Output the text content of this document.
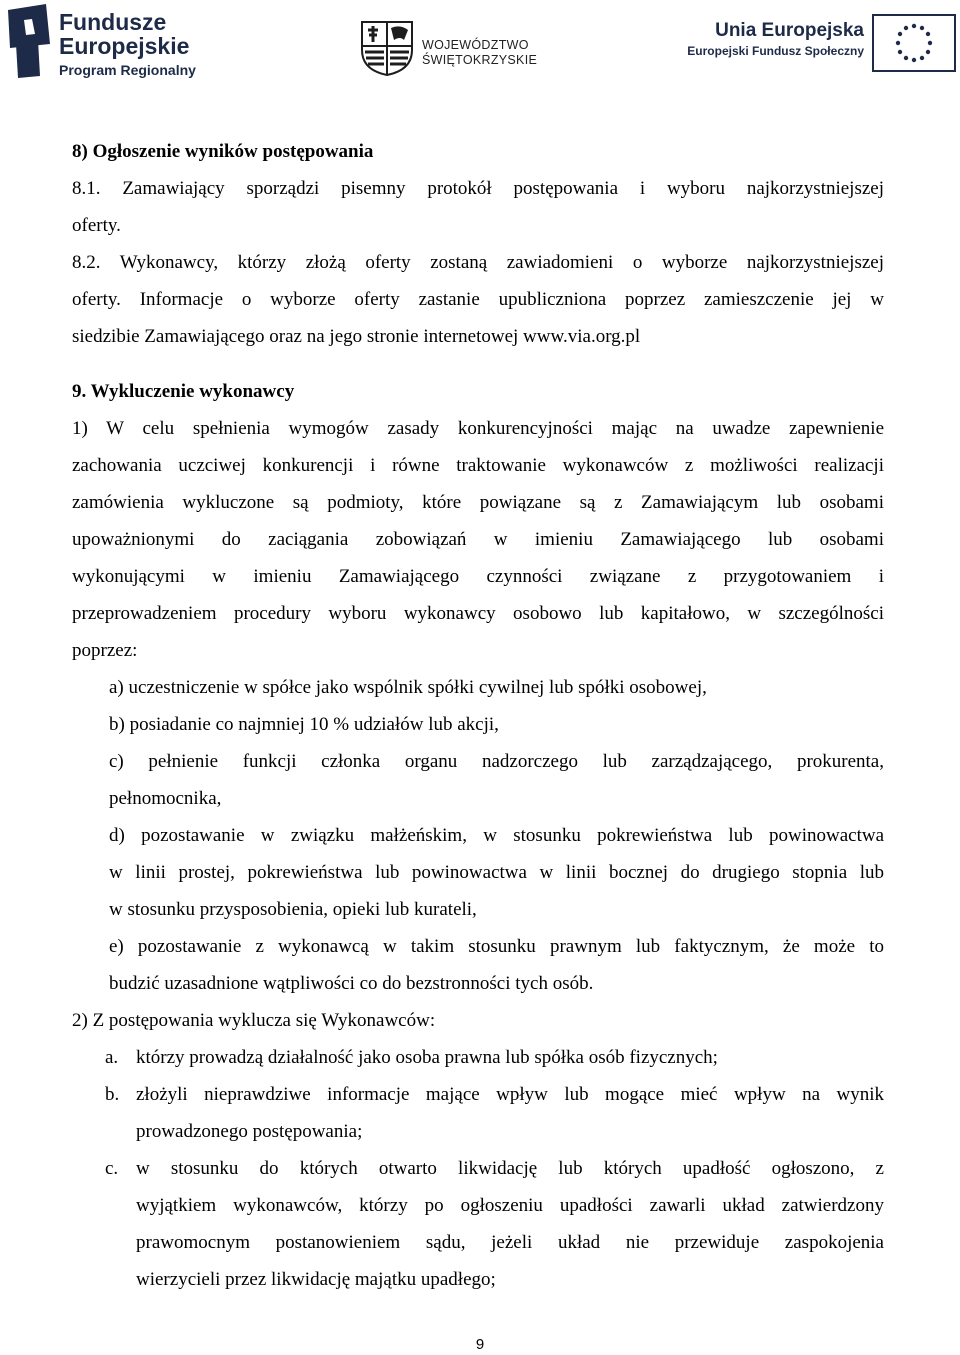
Fundusze
Europejskie
Program Regionalny
WOJEWÓDZTWO
ŚWIĘTOKRZYSKIE
Unia Europejska
Europejski Fundusz Społeczny
8) Ogłoszenie wyników postępowania
8.1. Zamawiający sporządzi pisemny protokół postępowania i wyboru najkorzystniejszej
oferty.
8.2. Wykonawcy, którzy złożą oferty zostaną zawiadomieni o wyborze najkorzystniejszej
oferty. Informacje o wyborze oferty zastanie upubliczniona poprzez zamieszczenie jej w
siedzibie Zamawiającego oraz na jego stronie internetowej www.via.org.pl
9. Wykluczenie wykonawcy
1) W celu spełnienia wymogów zasady konkurencyjności mając na uwadze zapewnienie
zachowania uczciwej konkurencji i równe traktowanie wykonawców z możliwości realizacji
zamówienia wykluczone są podmioty, które powiązane są z Zamawiającym lub osobami
upoważnionymi do zaciągania zobowiązań w imieniu Zamawiającego lub osobami
wykonującymi w imieniu Zamawiającego czynności związane z przygotowaniem i
przeprowadzeniem procedury wyboru wykonawcy osobowo lub kapitałowo, w szczególności
poprzez:
a) uczestniczenie w spółce jako wspólnik spółki cywilnej lub spółki osobowej,
b) posiadanie co najmniej 10 % udziałów lub akcji,
c) pełnienie funkcji członka organu nadzorczego lub zarządzającego, prokurenta,
pełnomocnika,
d) pozostawanie w związku małżeńskim, w stosunku pokrewieństwa lub powinowactwa
w linii prostej, pokrewieństwa lub powinowactwa w linii bocznej do drugiego stopnia lub
w stosunku przysposobienia, opieki lub kurateli,
e) pozostawanie z wykonawcą w takim stosunku prawnym lub faktycznym, że może to
budzić uzasadnione wątpliwości co do bezstronności tych osób.
2) Z postępowania wyklucza się Wykonawców:
a. którzy prowadzą działalność jako osoba prawna lub spółka osób fizycznych;
b. złożyli nieprawdziwe informacje mające wpływ lub mogące mieć wpływ na wynik
prowadzonego postępowania;
c. w stosunku do których otwarto likwidację lub których upadłość ogłoszono, z
wyjątkiem wykonawców, którzy po ogłoszeniu upadłości zawarli układ zatwierdzony
prawomocnym postanowieniem sądu, jeżeli układ nie przewiduje zaspokojenia
wierzycieli przez likwidację majątku upadłego;
9
